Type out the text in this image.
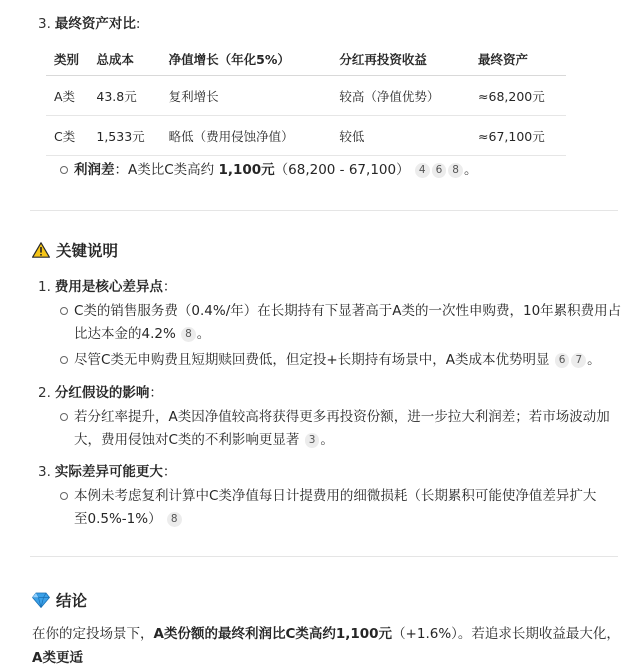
3. 最终资产对比:
类别	总成本	净值增长（年化5%）	分红再投资收益	最终资产
A类	43.8元	复利增长	较高（净值优势）	≈68,200元
C类	1,533元	略低（费用侵蚀净值）	较低	≈67,100元
利润差：A类比C类高约 1,100元（68,200 - 67,100） 4 6 8 。
关键说明
1. 费用是核心差异点：
C类的销售服务费（0.4%/年）在长期持有下显著高于A类的一次性申购费，10年累积费用占比达本金的4.2% 8 。
尽管C类无申购费且短期赎回费低，但定投+长期持有场景中，A类成本优势明显 6 7 。
2. 分红假设的影响：
若分红率提升，A类因净值较高将获得更多再投资份额，进一步拉大利润差；若市场波动加大，费用侵蚀对C类的不利影响更显著 3 。
3. 实际差异可能更大：
本例未考虑复利计算中C类净值每日计提费用的细微损耗（长期累积可能使净值差异扩大至0.5%-1%） 8
结论
在你的定投场景下，A类份额的最终利润比C类高约1,100元（+1.6%）。若追求长期收益最大化，A类更适
